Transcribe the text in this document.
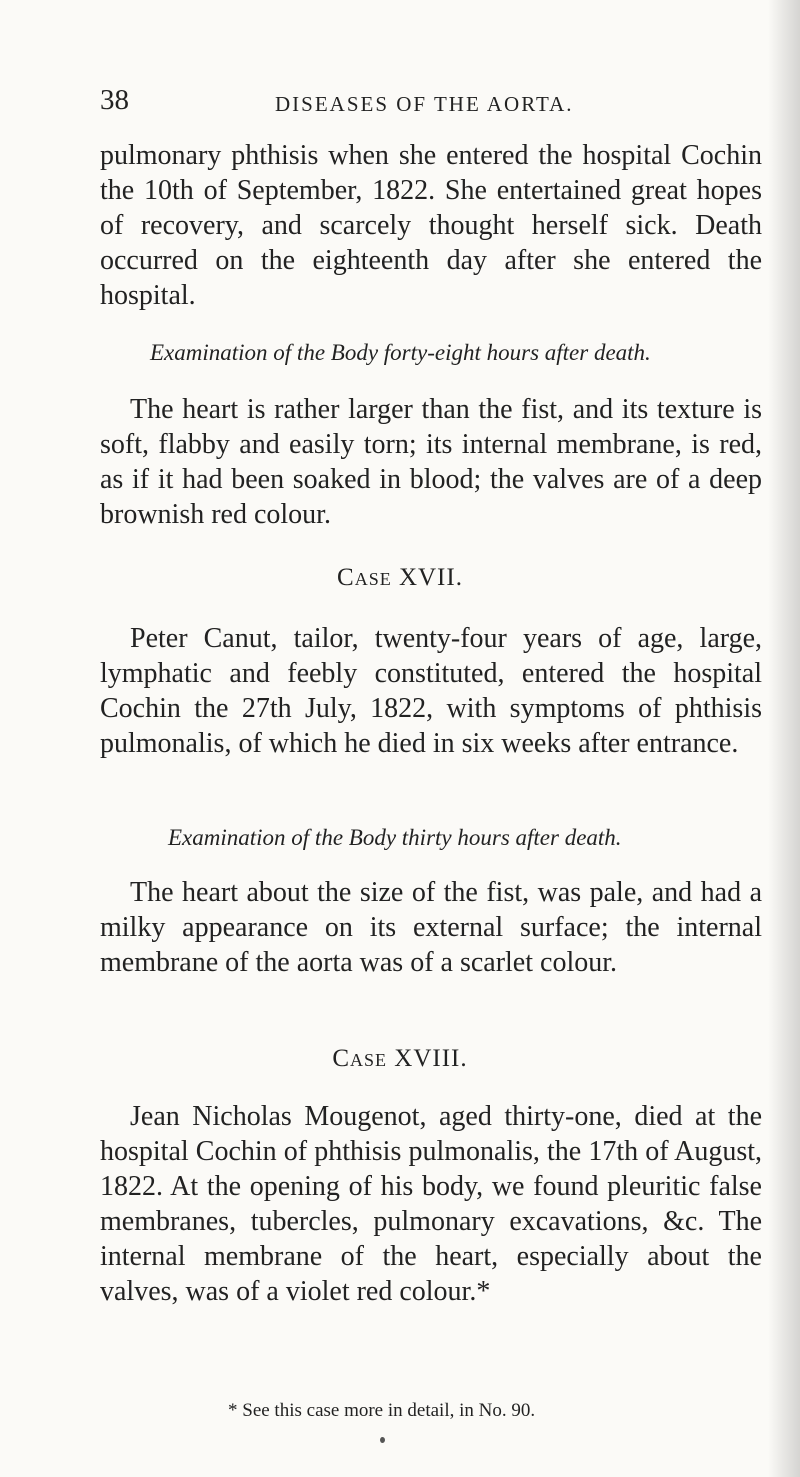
38	DISEASES OF THE AORTA.

pulmonary phthisis when she entered the hospital Cochin the 10th of September, 1822. She entertained great hopes of recovery, and scarcely thought herself sick. Death occurred on the eighteenth day after she entered the hospital.

Examination of the Body forty-eight hours after death.

The heart is rather larger than the fist, and its texture is soft, flabby and easily torn; its internal membrane, is red, as if it had been soaked in blood; the valves are of a deep brownish red colour.

Case XVII.

Peter Canut, tailor, twenty-four years of age, large, lymphatic and feebly constituted, entered the hospital Cochin the 27th July, 1822, with symptoms of phthisis pulmonalis, of which he died in six weeks after entrance.

Examination of the Body thirty hours after death.

The heart about the size of the fist, was pale, and had a milky appearance on its external surface; the internal membrane of the aorta was of a scarlet colour.

Case XVIII.

Jean Nicholas Mougenot, aged thirty-one, died at the hospital Cochin of phthisis pulmonalis, the 17th of August, 1822. At the opening of his body, we found pleuritic false membranes, tubercles, pulmonary excavations, &c. The internal membrane of the heart, especially about the valves, was of a violet red colour.*

* See this case more in detail, in No. 90.
